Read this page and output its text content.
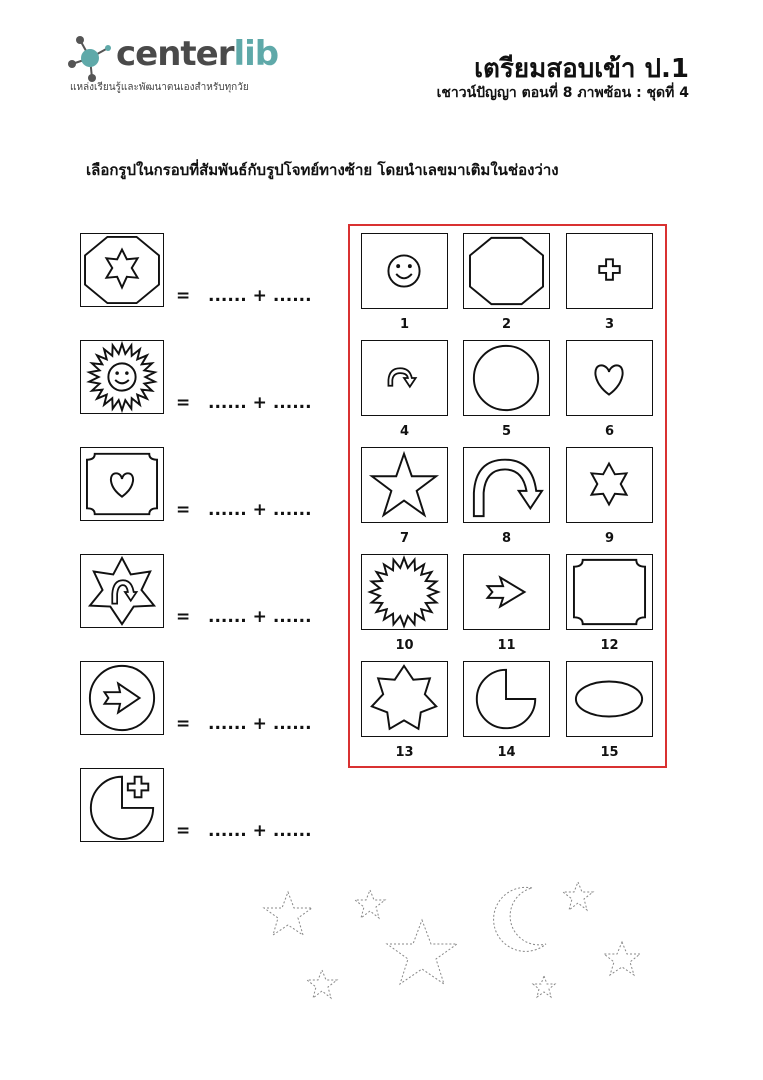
centerlib
แหล่งเรียนรู้และพัฒนาตนเองสำหรับทุกวัย
เตรียมสอบเข้า ป.1
เชาวน์ปัญญา ตอนที่ 8 ภาพซ้อน : ชุดที่ 4
เลือกรูปในกรอบที่สัมพันธ์กับรูปโจทย์ทางซ้าย โดยนำเลขมาเติมในช่องว่าง
=   ...... + ......
=   ...... + ......
=   ...... + ......
=   ...... + ......
=   ...... + ......
=   ...... + ......
1	2	3
4	5	6
7	8	9
10	11	12
13	14	15
